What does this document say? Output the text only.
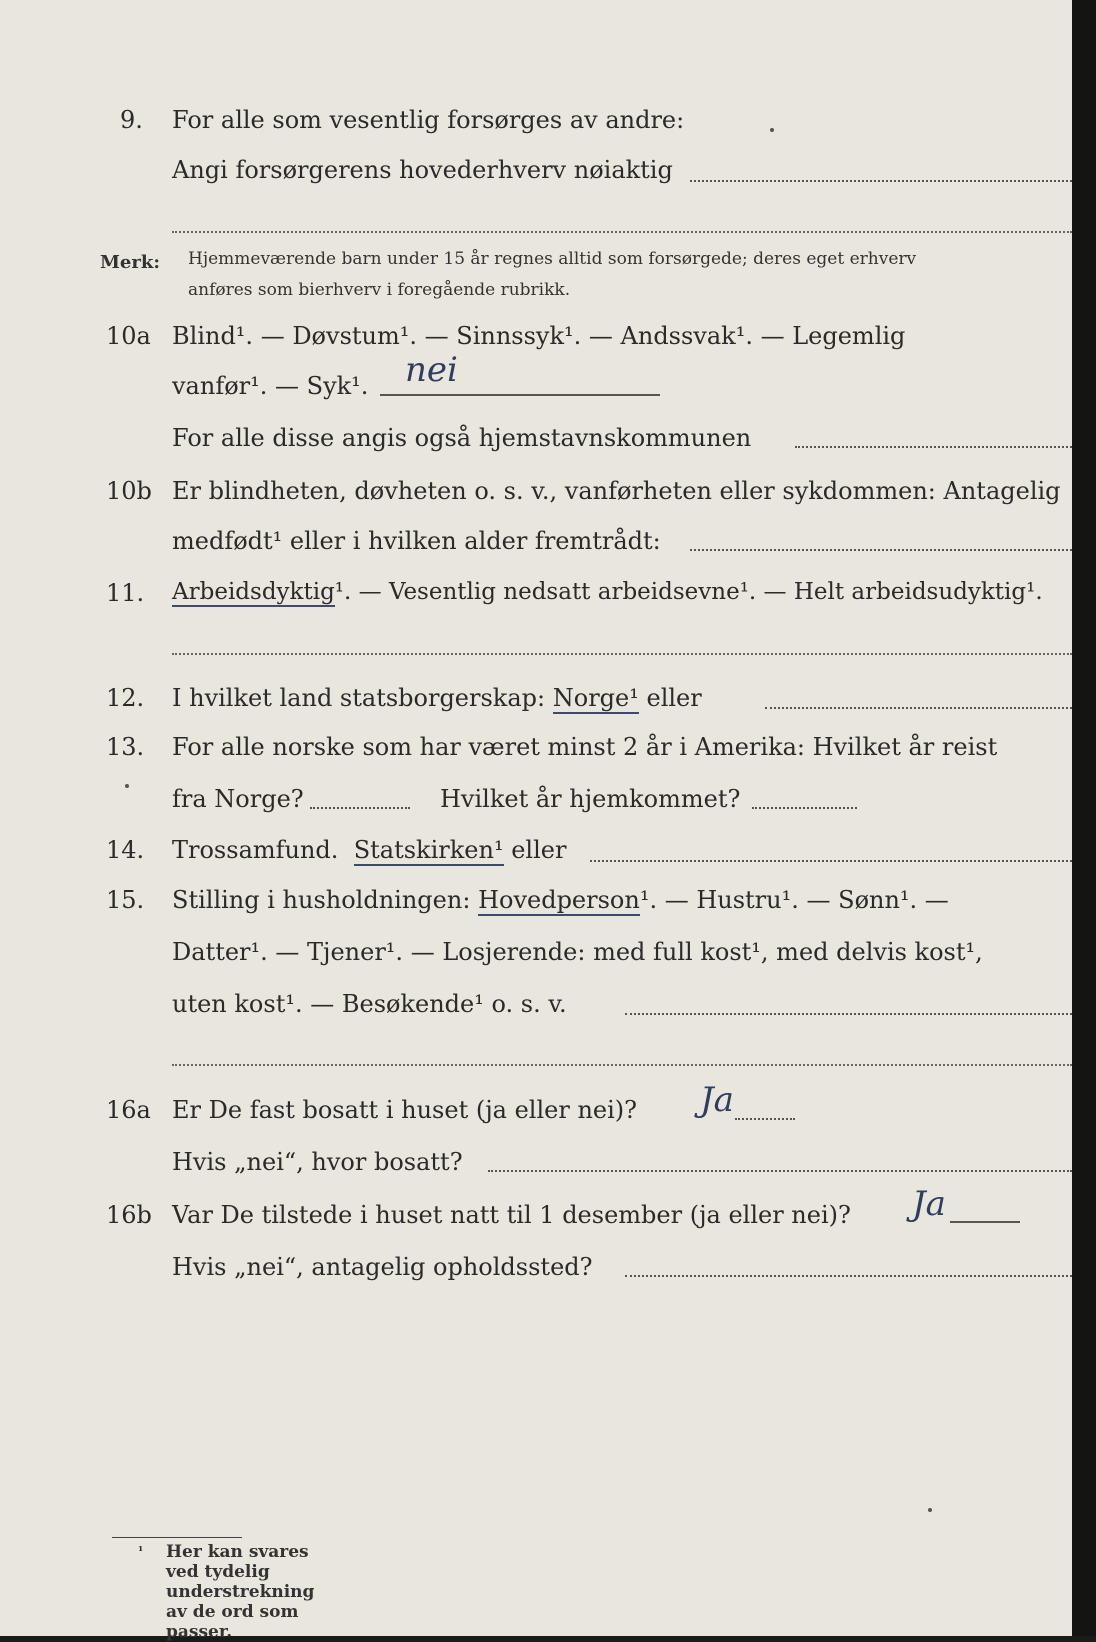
9. For alle som vesentlig forsørges av andre:
Angi forsørgerens hovederhverv nøiaktig
Merk: Hjemmeværende barn under 15 år regnes alltid som forsørgede; deres eget erhverv
anføres som bierhverv i foregående rubrikk.
10a Blind¹. — Døvstum¹. — Sinnssyk¹. — Andssvak¹. — Legemlig
vanfør¹. — Syk¹. nei
For alle disse angis også hjemstavnskommunen
10b Er blindheten, døvheten o. s. v., vanførheten eller sykdommen: Antagelig
medfødt¹ eller i hvilken alder fremtrådt:
11. Arbeidsdyktig¹. — Vesentlig nedsatt arbeidsevne¹. — Helt arbeidsudyktig¹.
12. I hvilket land statsborgerskap: Norge¹ eller
13. For alle norske som har været minst 2 år i Amerika: Hvilket år reist
fra Norge?	Hvilket år hjemkommet?
14. Trossamfund. Statskirken¹ eller
15. Stilling i husholdningen: Hovedperson¹. — Hustru¹. — Sønn¹. —
Datter¹. — Tjener¹. — Losjerende: med full kost¹, med delvis kost¹,
uten kost¹. — Besøkende¹ o. s. v.
16a Er De fast bosatt i huset (ja eller nei)? Ja
Hvis „nei“, hvor bosatt?
16b Var De tilstede i huset natt til 1 desember (ja eller nei)? Ja
Hvis „nei“, antagelig opholdssted?
¹ Her kan svares ved tydelig understrekning av de ord som passer.
